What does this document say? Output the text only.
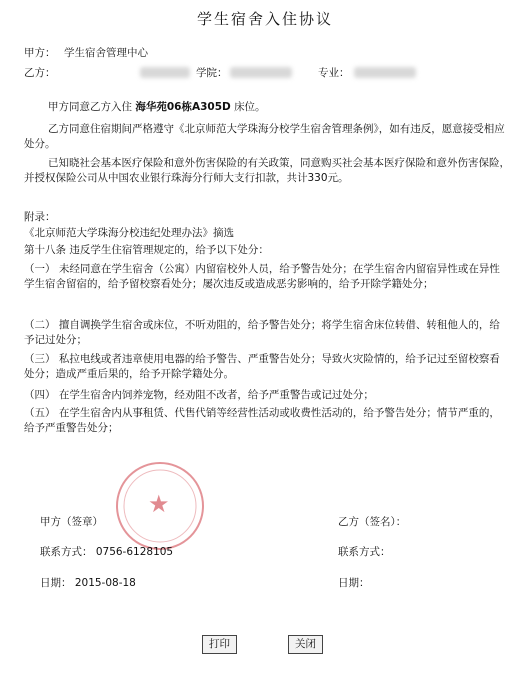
学生宿舍入住协议
甲方： 学生宿舍管理中心
乙方：	学院：	专业：
甲方同意乙方入住 海华苑06栋A305D 床位。
乙方同意住宿期间严格遵守《北京师范大学珠海分校学生宿舍管理条例》，如有违反，愿意接受相应处分。
已知晓社会基本医疗保险和意外伤害保险的有关政策，同意购买社会基本医疗保险和意外伤害保险，并授权保险公司从中国农业银行珠海分行师大支行扣款，共计330元。
附录：
《北京师范大学珠海分校违纪处理办法》摘选
第十八条 违反学生住宿管理规定的，给予以下处分：
（一） 未经同意在学生宿舍（公寓）内留宿校外人员，给予警告处分；在学生宿舍内留宿异性或在异性学生宿舍留宿的，给予留校察看处分；屡次违反或造成恶劣影响的，给予开除学籍处分；
（二） 擅自调换学生宿舍或床位，不听劝阻的，给予警告处分；将学生宿舍床位转借、转租他人的，给予记过处分；
（三） 私拉电线或者违章使用电器的给予警告、严重警告处分；导致火灾险情的，给予记过至留校察看处分；造成严重后果的，给予开除学籍处分。
（四） 在学生宿舍内饲养宠物，经劝阻不改者，给予严重警告或记过处分；
（五） 在学生宿舍内从事租赁、代售代销等经营性活动或收费性活动的，给予警告处分；情节严重的，给予严重警告处分；
★
甲方（签章）	乙方（签名）：
联系方式： 0756-6128105	联系方式：
日期： 2015-08-18	日期：
打印	关闭
